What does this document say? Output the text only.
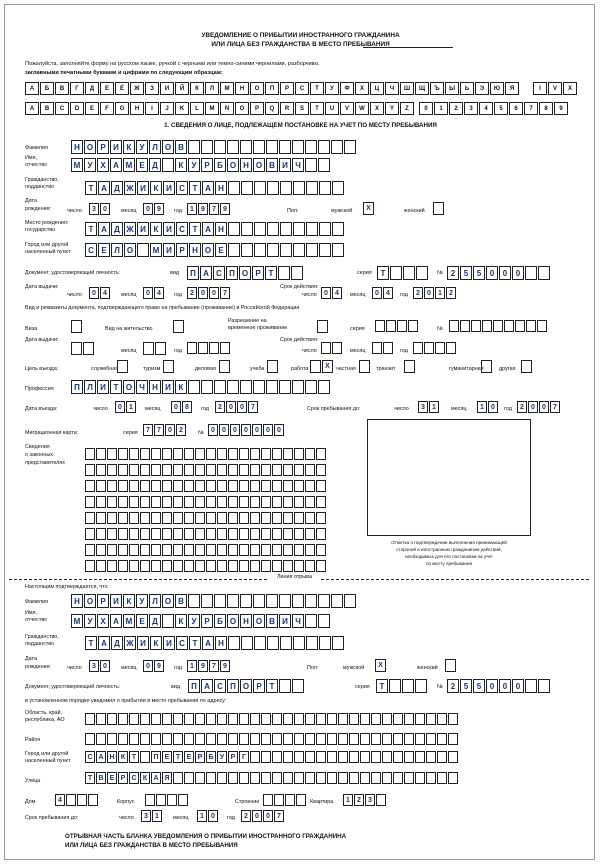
УВЕДОМЛЕНИЕ О ПРИБЫТИИ ИНОСТРАННОГО ГРАЖДАНИНА
ИЛИ ЛИЦА БЕЗ ГРАЖДАНСТВА В МЕСТО ПРЕБЫВАНИЯ
Пожалуйста, заполняйте форму на русском языке, ручкой с черными или темно-синими чернилами, разборчиво,
заглавными печатными буквами и цифрами по следующим образцам:
А	Б	В	Г	Д	Е	Ё	Ж	З	И	Й	К	Л	М	Н	О	П	Р	С	Т	У	Ф	Х	Ц	Ч	Ш	Щ	Ъ	Ы	Ь	Э	Ю	Я	I	V	X
A	B	C	D	E	F	G	H	I	J	K	L	M	N	O	P	Q	R	S	T	U	V	W	X	Y	Z	0	1	2	3	4	5	6	7	8	9
1. СВЕДЕНИЯ О ЛИЦЕ, ПОДЛЕЖАЩЕМ ПОСТАНОВКЕ НА УЧЕТ ПО МЕСТУ ПРЕБЫВАНИЯ
Фамилия	Н О Р И К	У Л О В
Имя,
отчество	М У Х А М Е Д	К	У Р Б О Н О В И Ч
Гражданство,
подданство	Т А Д Ж И К И С Т А Н
Дата
рождения:	число	3	0	месяц	0	9	год	1	9	7	9	Пол:	мужской	Х	женский
Место рождения:
государство	Т А Д Ж И К И С Т А Н
Город или другой
населенный пункт	С Е Л О	М И Р Н О Е
Документ, удостоверяющий личность:	вид	П А С П О Р Т	серия	Т	№ 2	5	5	0	0	0
Дата выдачи:
число	0	4	месяц	0	4	год	2	0	0	7
Срок действия:
число	0	4	месяц	0	4	год	2	0	1	2
Вид и реквизиты документа, подтверждающего право на пребывание (проживание) в Российской Федерации
Виза	Вид на жительство
Разрешение на
временное проживание	серия	№
Дата выдачи:
месяц	год
Срок действия:
число	месяц	год
Цель въезда:	служебная	туризм	деловая	учеба	работа	Х	частная	транзит	гуманитарная	другая
Профессия	П Л И Т О Ч Н И К
Дата въезда:	число	0	1	месяц	0	8	год	2	0	0	7	Срок пребывания до:	число	3	1	месяц	1	0	год	2	0	0	7
Миграционная карта:	серия	7	7	0	2	№	0	0	0	0	0	0	0
Сведения
о законных
представителях
Отметка о подтверждении выполнения принимающей
стороной и иностранным гражданином действий,
необходимых для его постановки на учет
по месту пребывания
Линия отрыва
Настоящим подтверждается, что
Фамилия	Н О Р И К	У Л О В
Имя,
отчество	М У Х А М Е Д	К	У Р Б О Н О В И Ч
Гражданство,
подданство	Т А Д Ж И К И С Т А Н
Дата
рождения:	число	3	0	месяц	0	9	год	1	9	7	9	Пол:	мужской	Х	женский
Документ, удостоверяющий личность:	вид	П А С П О Р Т	серия	Т	№ 2	5	5	0	0	0
в установленном порядке уведомил о прибытии в место пребывания по адресу:
Область, край,
республика, АО
Район
Город или другой
населенный пункт
С А Н К Т	П Е Т Е Р Б У Р Г
Улица	Т В Е Р С К А Я
Дом	4	Корпус	Строение	Квартира	1	2	3
Срок пребывания до:	число	3	1	месяц	1	0	год	2	0	0	7
ОТРЫВНАЯ ЧАСТЬ БЛАНКА УВЕДОМЛЕНИЯ О ПРИБЫТИИ ИНОСТРАННОГО ГРАЖДАНИНА
ИЛИ ЛИЦА БЕЗ ГРАЖДАНСТВА В МЕСТО ПРЕБЫВАНИЯ
